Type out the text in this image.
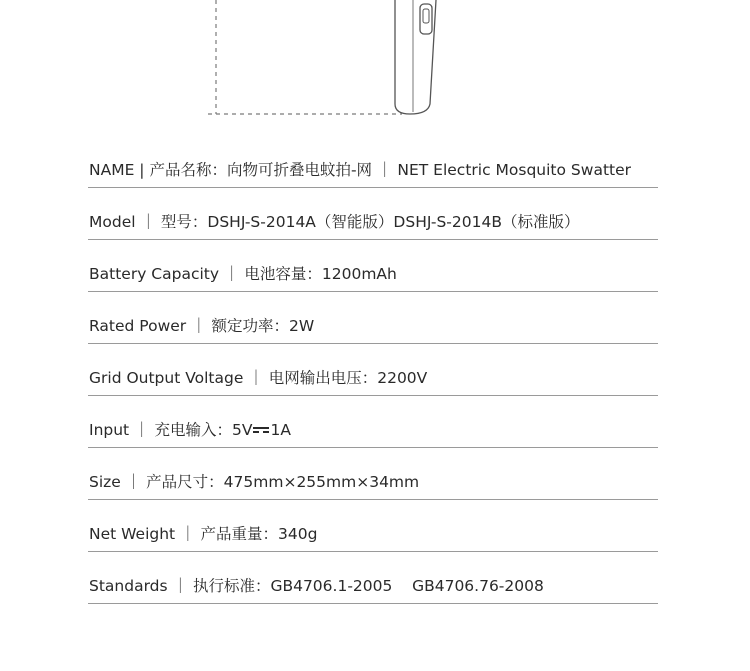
NAME | 产品名称：向物可折叠电蚊拍-网 ｜ NET Electric Mosquito Swatter
Model ｜ 型号：DSHJ-S-2014A（智能版）DSHJ-S-2014B（标准版）
Battery Capacity ｜ 电池容量：1200mAh
Rated Power ｜ 额定功率：2W
Grid Output Voltage ｜ 电网输出电压：2200V
Input ｜ 充电输入：5V 1A
Size ｜ 产品尺寸：475mm×255mm×34mm
Net Weight ｜ 产品重量：340g
Standards ｜ 执行标准：GB4706.1-2005    GB4706.76-2008
